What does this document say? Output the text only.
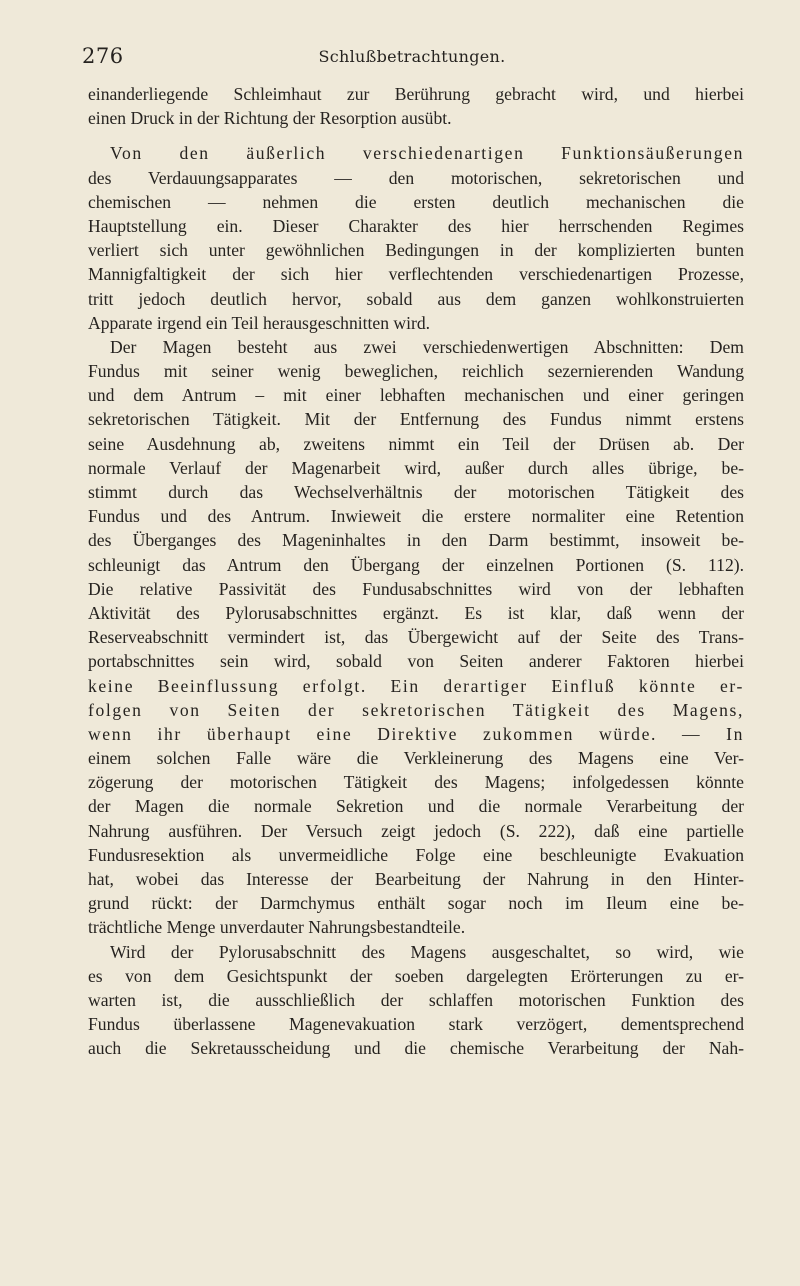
276	Schlußbetrachtungen.
einanderliegende Schleimhaut zur Berührung gebracht wird, und hierbei
einen Druck in der Richtung der Resorption ausübt.
Von den äußerlich verschiedenartigen Funktionsäußerungen
des Verdauungsapparates — den motorischen, sekretorischen und
chemischen — nehmen die ersten deutlich mechanischen die
Hauptstellung ein. Dieser Charakter des hier herrschenden Regimes
verliert sich unter gewöhnlichen Bedingungen in der komplizierten bunten
Mannigfaltigkeit der sich hier verflechtenden verschiedenartigen Prozesse,
tritt jedoch deutlich hervor, sobald aus dem ganzen wohlkonstruierten
Apparate irgend ein Teil herausgeschnitten wird.
Der Magen besteht aus zwei verschiedenwertigen Abschnitten: Dem
Fundus mit seiner wenig beweglichen, reichlich sezernierenden Wandung
und dem Antrum – mit einer lebhaften mechanischen und einer geringen
sekretorischen Tätigkeit. Mit der Entfernung des Fundus nimmt erstens
seine Ausdehnung ab, zweitens nimmt ein Teil der Drüsen ab. Der
normale Verlauf der Magenarbeit wird, außer durch alles übrige, be-
stimmt durch das Wechselverhältnis der motorischen Tätigkeit des
Fundus und des Antrum. Inwieweit die erstere normaliter eine Retention
des Überganges des Mageninhaltes in den Darm bestimmt, insoweit be-
schleunigt das Antrum den Übergang der einzelnen Portionen (S. 112).
Die relative Passivität des Fundusabschnittes wird von der lebhaften
Aktivität des Pylorusabschnittes ergänzt. Es ist klar, daß wenn der
Reserveabschnitt vermindert ist, das Übergewicht auf der Seite des Trans-
portabschnittes sein wird, sobald von Seiten anderer Faktoren hierbei
keine Beeinflussung erfolgt. Ein derartiger Einfluß könnte er-
folgen von Seiten der sekretorischen Tätigkeit des Magens,
wenn ihr überhaupt eine Direktive zukommen würde. — In
einem solchen Falle wäre die Verkleinerung des Magens eine Ver-
zögerung der motorischen Tätigkeit des Magens; infolgedessen könnte
der Magen die normale Sekretion und die normale Verarbeitung der
Nahrung ausführen. Der Versuch zeigt jedoch (S. 222), daß eine partielle
Fundusresektion als unvermeidliche Folge eine beschleunigte Evakuation
hat, wobei das Interesse der Bearbeitung der Nahrung in den Hinter-
grund rückt: der Darmchymus enthält sogar noch im Ileum eine be-
trächtliche Menge unverdauter Nahrungsbestandteile.
Wird der Pylorusabschnitt des Magens ausgeschaltet, so wird, wie
es von dem Gesichtspunkt der soeben dargelegten Erörterungen zu er-
warten ist, die ausschließlich der schlaffen motorischen Funktion des
Fundus überlassene Magenevakuation stark verzögert, dementsprechend
auch die Sekretausscheidung und die chemische Verarbeitung der Nah-
